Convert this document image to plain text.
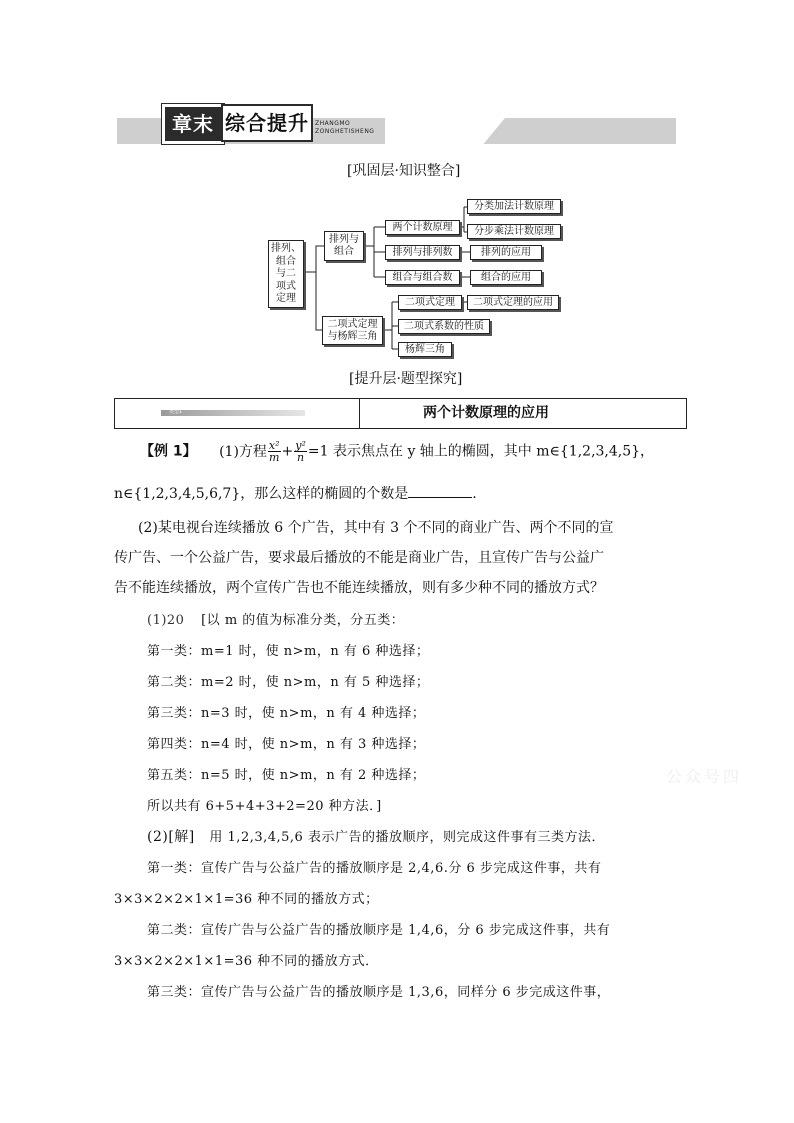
章末 综合提升	ZHANGMO
ZONGHETISHENG
[巩固层·知识整合]
排列、
组合
与二
项式
定理
排列与
组合
二项式定理
与杨辉三角
两个计数原理
分类加法计数原理
分步乘法计数原理
排列与排列数	排列的应用
组合与组合数	组合的应用
二项式定理	二项式定理的应用
二项式系数的性质
杨辉三角
[提升层·题型探究]
类型1	两个计数原理的应用
【例 1】 (1)方程 $\frac{\text{x²}}{m} + \frac{\text{y²}}{n} =1$ 表示焦点在 y 轴上的椭圆，其中 m∈{1,2,3,4,5}，
n∈{1,2,3,4,5,6,7}，那么这样的椭圆的个数是	.
(2)某电视台连续播放 6 个广告，其中有 3 个不同的商业广告、两个不同的宣
传广告、一个公益广告，要求最后播放的不能是商业广告，且宣传广告与公益广
告不能连续播放，两个宣传广告也不能连续播放，则有多少种不同的播放方式？
(1)20 [以 m 的值为标准分类，分五类：
第一类：m=1 时，使 n>m，n 有 6 种选择；
第二类：m=2 时，使 n>m，n 有 5 种选择；
第三类：n=3 时，使 n>m，n 有 4 种选择；
第四类：n=4 时，使 n>m，n 有 3 种选择；
第五类：n=5 时，使 n>m，n 有 2 种选择；
所以共有 6+5+4+3+2=20 种方法．]
公众号四
(2)[解] 用 1,2,3,4,5,6 表示广告的播放顺序，则完成这件事有三类方法．
第一类：宣传广告与公益广告的播放顺序是 2,4,6.分 6 步完成这件事，共有
3×3×2×2×1×1=36 种不同的播放方式；
第二类：宣传广告与公益广告的播放顺序是 1,4,6，分 6 步完成这件事，共有
3×3×2×2×1×1=36 种不同的播放方式．
第三类：宣传广告与公益广告的播放顺序是 1,3,6，同样分 6 步完成这件事，
